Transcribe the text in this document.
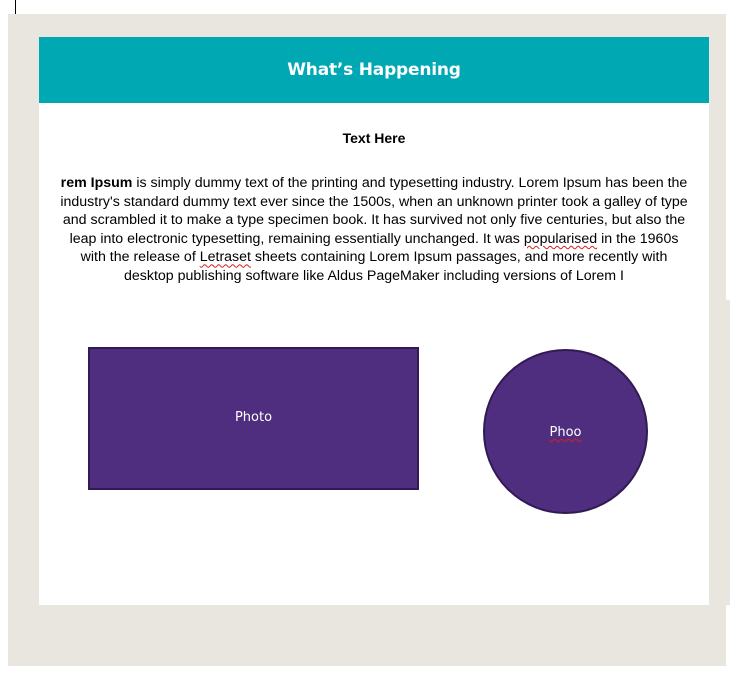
What’s Happening
Text Here
rem Ipsum is simply dummy text of the printing and typesetting industry. Lorem Ipsum has been the industry's standard dummy text ever since the 1500s, when an unknown printer took a galley of type and scrambled it to make a type specimen book. It has survived not only five centuries, but also the leap into electronic typesetting, remaining essentially unchanged. It was popularised in the 1960s with the release of Letraset sheets containing Lorem Ipsum passages, and more recently with desktop publishing software like Aldus PageMaker including versions of Lorem I
Photo
Phoo
